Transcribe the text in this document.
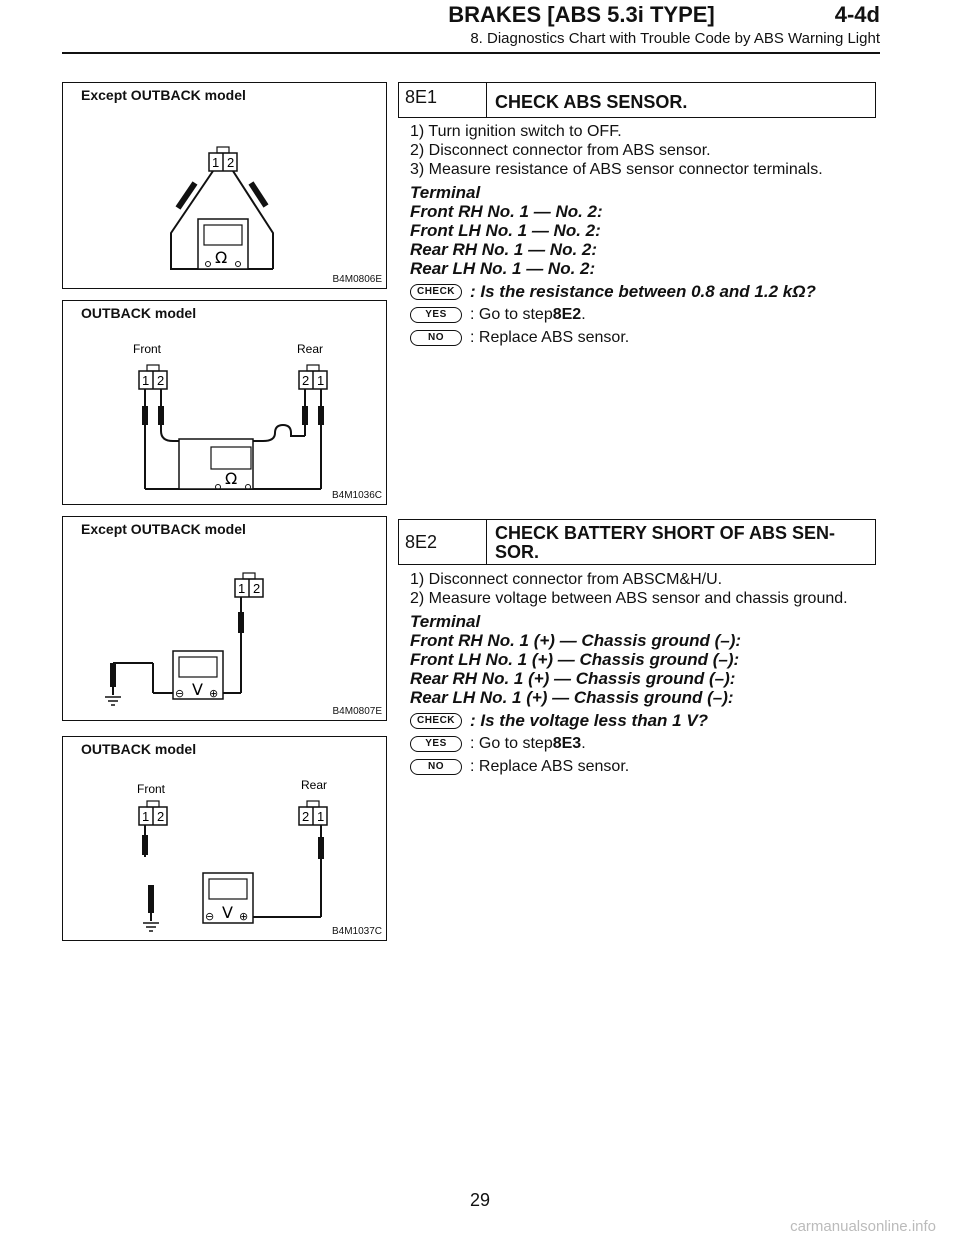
BRAKES [ABS 5.3i TYPE]	4-4d
8. Diagnostics Chart with Trouble Code by ABS Warning Light
1 2
Ω
Except OUTBACK model
B4M0806E
Front	Rear
1 2	2 1
Ω
OUTBACK model
B4M1036C
1 2
⊖ V ⊕
Except OUTBACK model
B4M0807E
Front	Rear
1 2	2 1
⊖ V ⊕
OUTBACK model
B4M1037C
8E1	CHECK ABS SENSOR.

1) Turn ignition switch to OFF.

2) Disconnect connector from ABS sensor.

3) Measure resistance of ABS sensor connector terminals.

Terminal

Front RH No. 1 — No. 2:

Front LH No. 1 — No. 2:

Rear RH No. 1 — No. 2:

Rear LH No. 1 — No. 2:

CHECK : Is the resistance between 0.8 and 1.2 kΩ?
YES	: Go to step 8E2 .
NO	: Replace ABS sensor.
8E2	CHECK BATTERY SHORT OF ABS SEN-SOR.

1) Disconnect connector from ABSCM&H/U.

2) Measure voltage between ABS sensor and chassis ground.

Terminal

Front RH No. 1 (+) — Chassis ground (–):

Front LH No. 1 (+) — Chassis ground (–):

Rear RH No. 1 (+) — Chassis ground (–):

Rear LH No. 1 (+) — Chassis ground (–):

CHECK : Is the voltage less than 1 V?
YES	: Go to step 8E3 .
NO	: Replace ABS sensor.
29
carmanualsonline.info
